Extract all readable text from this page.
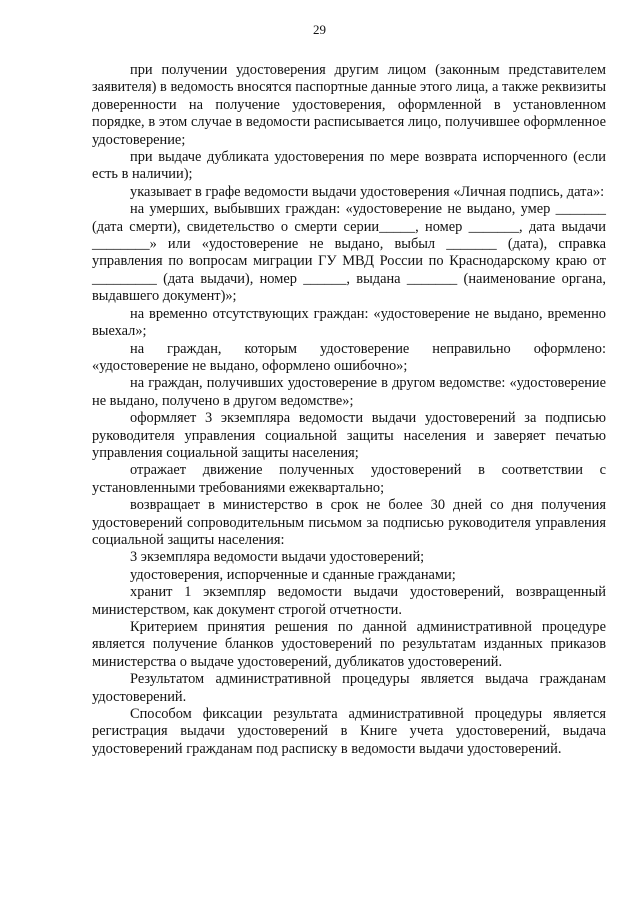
29

при получении удостоверения другим лицом (законным представителем заявителя) в ведомость вносятся паспортные данные этого лица, а также реквизиты доверенности на получение удостоверения, оформленной в установленном порядке, в этом случае в ведомости расписывается лицо, получившее оформленное удостоверение;

при выдаче дубликата удостоверения по мере возврата испорченного (если есть в наличии);

указывает в графе ведомости выдачи удостоверения «Личная подпись, дата»:

на умерших, выбывших граждан: «удостоверение не выдано, умер _______ (дата смерти), свидетельство о смерти серии_____, номер _______, дата выдачи ________» или «удостоверение не выдано, выбыл _______ (дата), справка управления по вопросам миграции ГУ МВД России по Краснодарскому краю от _________ (дата выдачи), номер ______, выдана _______ (наименование органа, выдавшего документ)»;

на временно отсутствующих граждан: «удостоверение не выдано, временно выехал»;

на граждан, которым удостоверение неправильно оформлено: «удостоверение не выдано, оформлено ошибочно»;

на граждан, получивших удостоверение в другом ведомстве: «удостоверение не выдано, получено в другом ведомстве»;

оформляет 3 экземпляра ведомости выдачи удостоверений за подписью руководителя управления социальной защиты населения и заверяет печатью управления социальной защиты населения;

отражает движение полученных удостоверений в соответствии с установленными требованиями ежеквартально;

возвращает в министерство в срок не более 30 дней со дня получения удостоверений сопроводительным письмом за подписью руководителя управления социальной защиты населения:

3 экземпляра ведомости выдачи удостоверений;

удостоверения, испорченные и сданные гражданами;

хранит 1 экземпляр ведомости выдачи удостоверений, возвращенный министерством, как документ строгой отчетности.

Критерием принятия решения по данной административной процедуре является получение бланков удостоверений по результатам изданных приказов министерства о выдаче удостоверений, дубликатов удостоверений.

Результатом административной процедуры является выдача гражданам удостоверений.

Способом фиксации результата административной процедуры является регистрация выдачи удостоверений в Книге учета удостоверений, выдача удостоверений гражданам под расписку в ведомости выдачи удостоверений.
